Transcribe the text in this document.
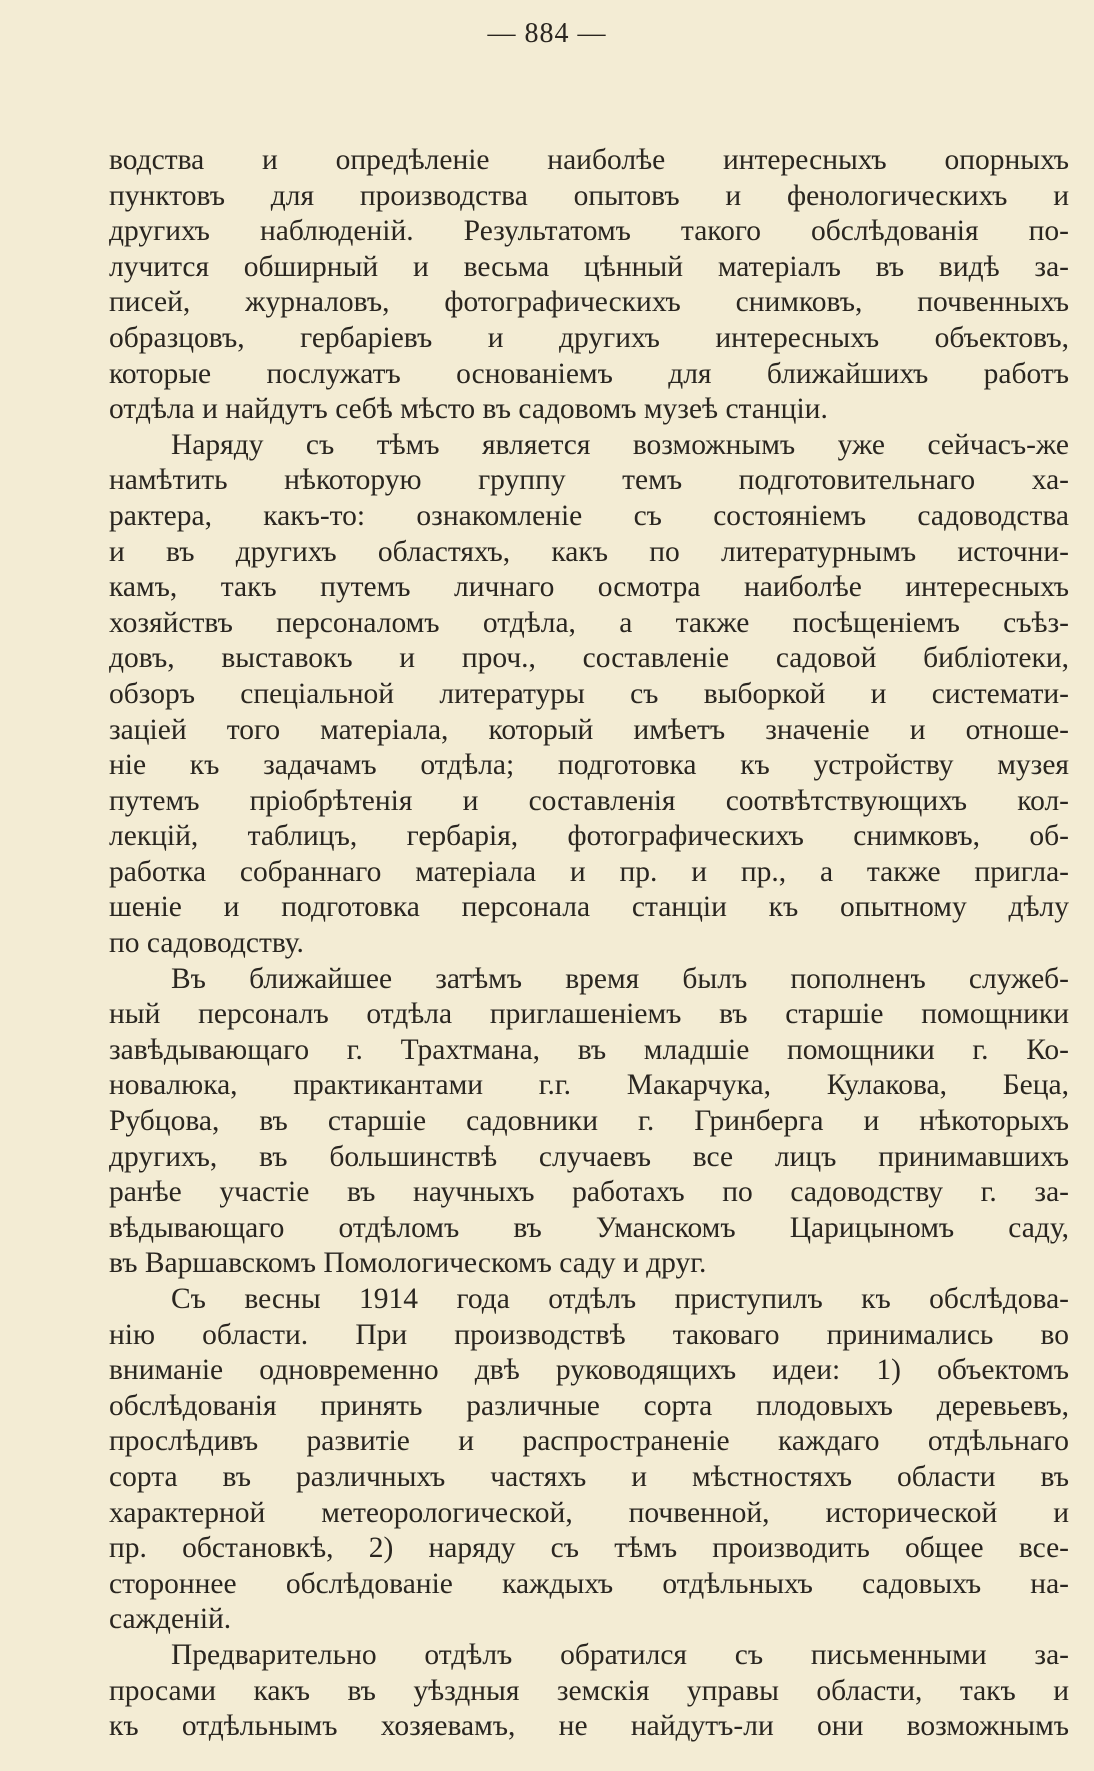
— 884 —
водства и опредѣленіе наиболѣе интересныхъ опорныхъ
пунктовъ для производства опытовъ и фенологическихъ и
другихъ наблюденій. Результатомъ такого обслѣдованія по-
лучится обширный и весьма цѣнный матеріалъ въ видѣ за-
писей, журналовъ, фотографическихъ снимковъ, почвенныхъ
образцовъ, гербаріевъ и другихъ интересныхъ объектовъ,
которые послужатъ основаніемъ для ближайшихъ работъ
отдѣла и найдутъ себѣ мѣсто въ садовомъ музеѣ станціи.
Наряду съ тѣмъ является возможнымъ уже сейчасъ-же
намѣтить нѣкоторую группу темъ подготовительнаго ха-
рактера, какъ-то: ознакомленіе съ состояніемъ садоводства
и въ другихъ областяхъ, какъ по литературнымъ источни-
камъ, такъ путемъ личнаго осмотра наиболѣе интересныхъ
хозяйствъ персоналомъ отдѣла, а также посѣщеніемъ съѣз-
довъ, выставокъ и проч., составленіе садовой библіотеки,
обзоръ спеціальной литературы съ выборкой и системати-
заціей того матеріала, который имѣетъ значеніе и отноше-
ніе къ задачамъ отдѣла; подготовка къ устройству музея
путемъ пріобрѣтенія и составленія соотвѣтствующихъ кол-
лекцій, таблицъ, гербарія, фотографическихъ снимковъ, об-
работка собраннаго матеріала и пр. и пр., а также пригла-
шеніе и подготовка персонала станціи къ опытному дѣлу
по садоводству.
Въ ближайшее затѣмъ время былъ пополненъ служеб-
ный персоналъ отдѣла приглашеніемъ въ старшіе помощники
завѣдывающаго г. Трахтмана, въ младшіе помощники г. Ко-
новалюка, практикантами г.г. Макарчука, Кулакова, Беца,
Рубцова, въ старшіе садовники г. Гринберга и нѣкоторыхъ
другихъ, въ большинствѣ случаевъ все лицъ принимавшихъ
ранѣе участіе въ научныхъ работахъ по садоводству г. за-
вѣдывающаго отдѣломъ въ Уманскомъ Царицыномъ саду,
въ Варшавскомъ Помологическомъ саду и друг.
Съ весны 1914 года отдѣлъ приступилъ къ обслѣдова-
нію области. При производствѣ таковаго принимались во
вниманіе одновременно двѣ руководящихъ идеи: 1) объектомъ
обслѣдованія принять различные сорта плодовыхъ деревьевъ,
прослѣдивъ развитіе и распространеніе каждаго отдѣльнаго
сорта въ различныхъ частяхъ и мѣстностяхъ области въ
характерной метеорологической, почвенной, исторической и
пр. обстановкѣ, 2) наряду съ тѣмъ производить общее все-
стороннее обслѣдованіе каждыхъ отдѣльныхъ садовыхъ на-
сажденій.
Предварительно отдѣлъ обратился съ письменными за-
просами какъ въ уѣздныя земскія управы области, такъ и
къ отдѣльнымъ хозяевамъ, не найдутъ-ли они возможнымъ
